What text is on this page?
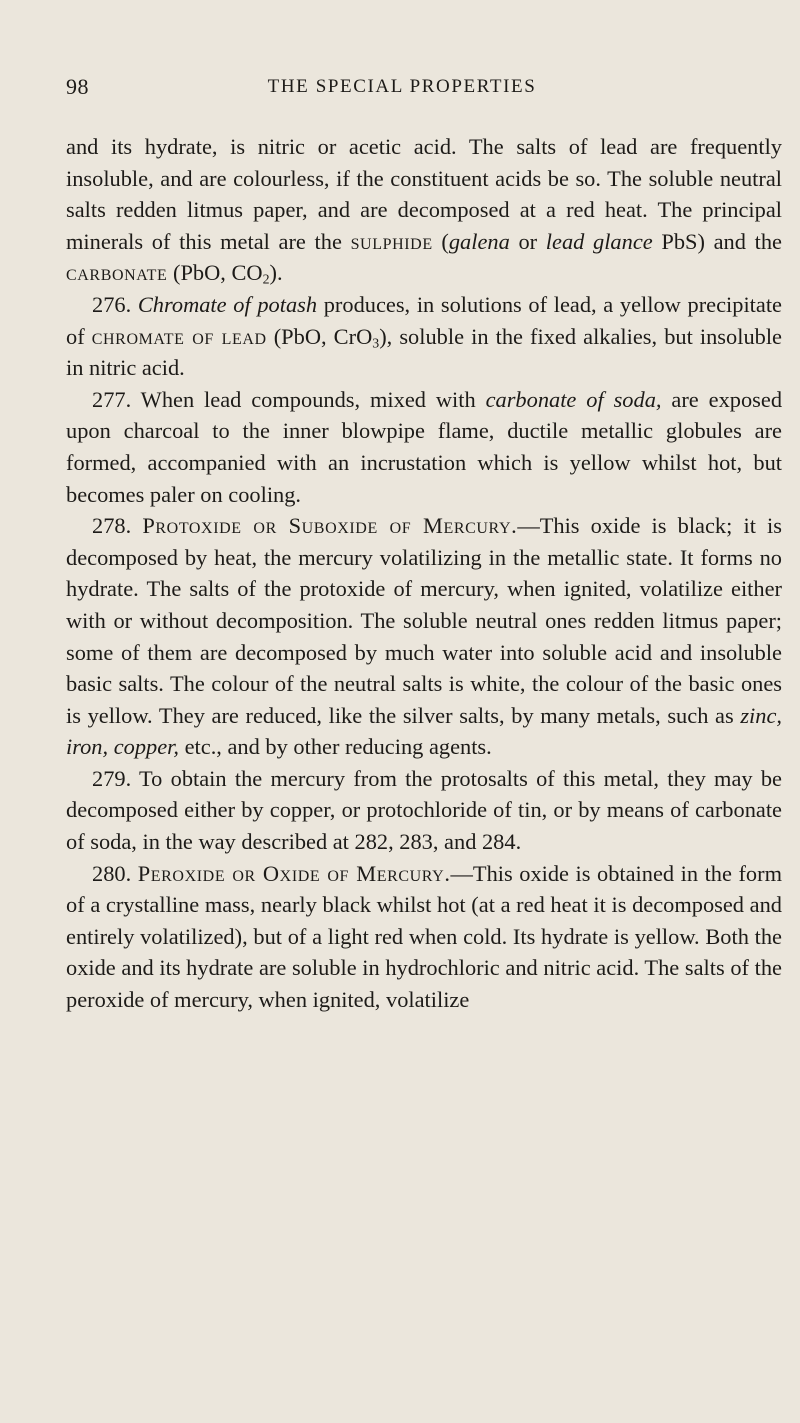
98	THE SPECIAL PROPERTIES

and its hydrate, is nitric or acetic acid. The salts of lead are frequently insoluble, and are colourless, if the constituent acids be so. The soluble neutral salts redden litmus paper, and are decomposed at a red heat. The principal minerals of this metal are the sulphide (galena or lead glance PbS) and the carbonate (PbO, $CO_2$).

276. Chromate of potash produces, in solutions of lead, a yellow precipitate of chromate of lead (PbO, CrO$_3$), soluble in the fixed alkalies, but insoluble in nitric acid.

277. When lead compounds, mixed with carbonate of soda, are exposed upon charcoal to the inner blowpipe flame, ductile metallic globules are formed, accompanied with an incrustation which is yellow whilst hot, but becomes paler on cooling.

278. Protoxide or Suboxide of Mercury.—This oxide is black; it is decomposed by heat, the mercury volatilizing in the metallic state. It forms no hydrate. The salts of the protoxide of mercury, when ignited, volatilize either with or without decomposition. The soluble neutral ones redden litmus paper; some of them are decomposed by much water into soluble acid and insoluble basic salts. The colour of the neutral salts is white, the colour of the basic ones is yellow. They are reduced, like the silver salts, by many metals, such as zinc, iron, copper, etc., and by other reducing agents.

279. To obtain the mercury from the protosalts of this metal, they may be decomposed either by copper, or protochloride of tin, or by means of carbonate of soda, in the way described at 282, 283, and 284.

280. Peroxide or Oxide of Mercury.—This oxide is obtained in the form of a crystalline mass, nearly black whilst hot (at a red heat it is decomposed and entirely volatilized), but of a light red when cold. Its hydrate is yellow. Both the oxide and its hydrate are soluble in hydrochloric and nitric acid. The salts of the peroxide of mercury, when ignited, volatilize
